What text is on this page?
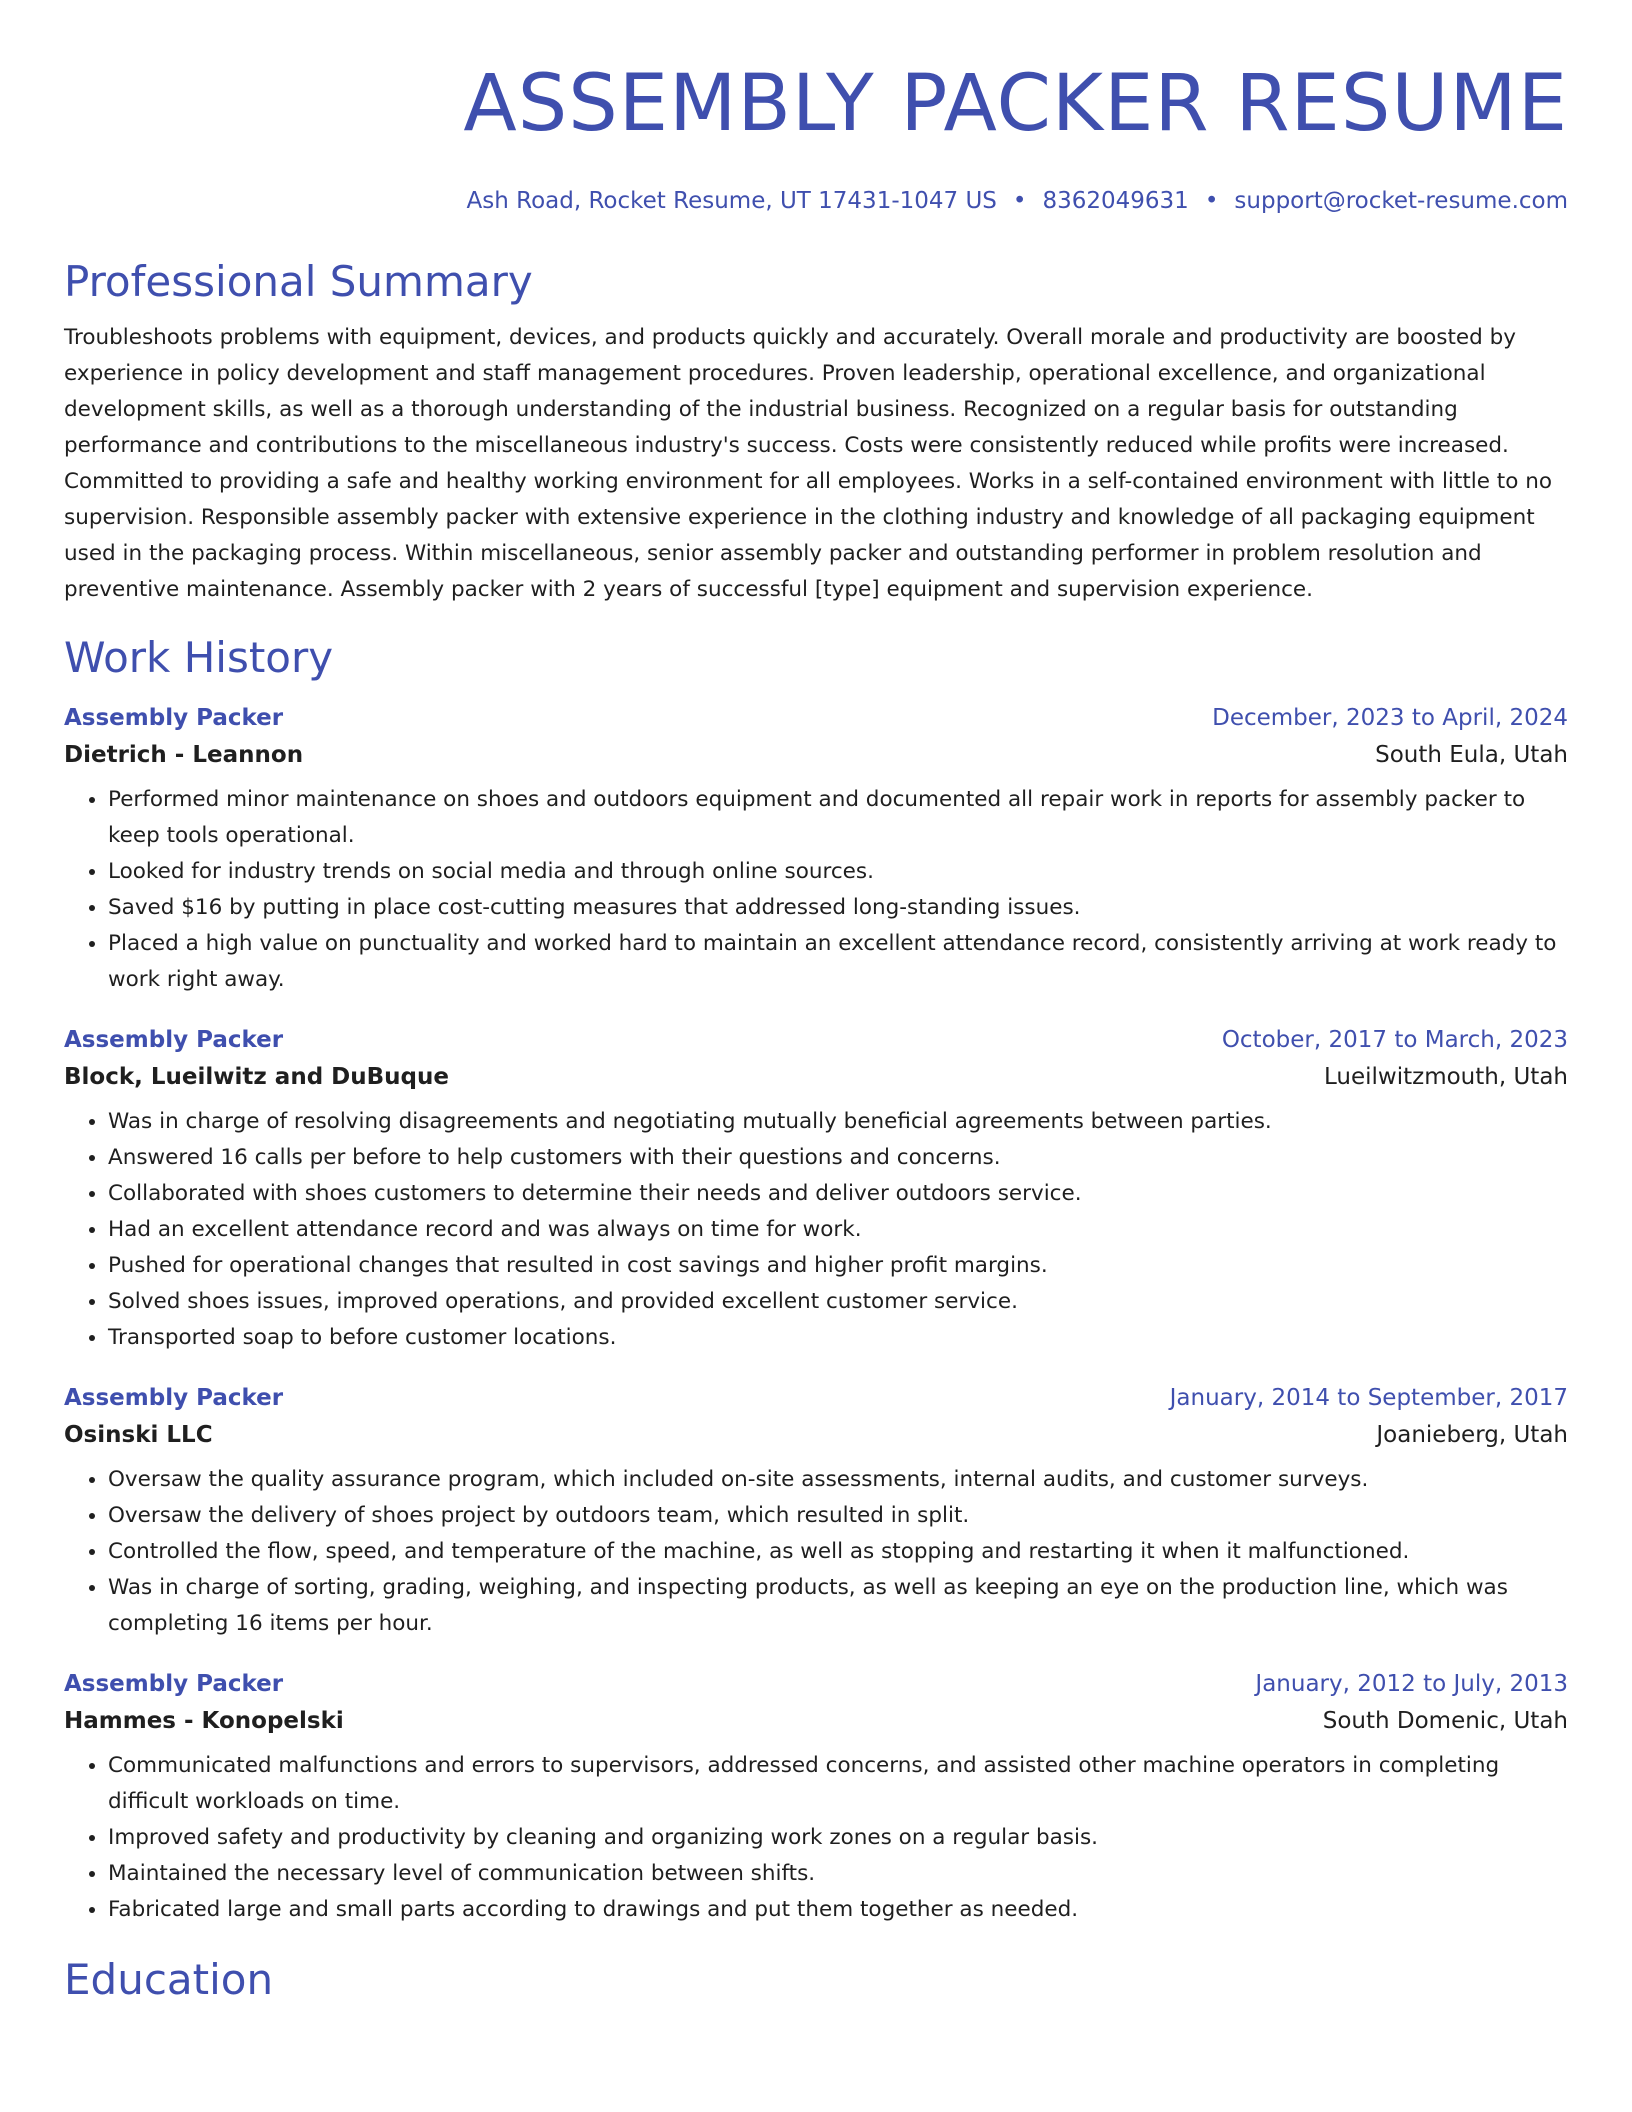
ASSEMBLY PACKER RESUME
Ash Road, Rocket Resume, UT 17431-1047 US • 8362049631 • support@rocket-resume.com
Professional Summary

Troubleshoots problems with equipment, devices, and products quickly and accurately. Overall morale and productivity are boosted by experience in policy development and staff management procedures. Proven leadership, operational excellence, and organizational development skills, as well as a thorough understanding of the industrial business. Recognized on a regular basis for outstanding performance and contributions to the miscellaneous industry's success. Costs were consistently reduced while profits were increased. Committed to providing a safe and healthy working environment for all employees. Works in a self-contained environment with little to no supervision. Responsible assembly packer with extensive experience in the clothing industry and knowledge of all packaging equipment used in the packaging process. Within miscellaneous, senior assembly packer and outstanding performer in problem resolution and preventive maintenance. Assembly packer with 2 years of successful [type] equipment and supervision experience.

Work History
Assembly Packer	December, 2023 to April, 2024
Dietrich - Leannon	South Eula, Utah
• Performed minor maintenance on shoes and outdoors equipment and documented all repair work in reports for assembly packer to keep tools operational.
• Looked for industry trends on social media and through online sources.
• Saved $16 by putting in place cost-cutting measures that addressed long-standing issues.
• Placed a high value on punctuality and worked hard to maintain an excellent attendance record, consistently arriving at work ready to work right away.
Assembly Packer	October, 2017 to March, 2023
Block, Lueilwitz and DuBuque	Lueilwitzmouth, Utah
• Was in charge of resolving disagreements and negotiating mutually beneficial agreements between parties.
• Answered 16 calls per before to help customers with their questions and concerns.
• Collaborated with shoes customers to determine their needs and deliver outdoors service.
• Had an excellent attendance record and was always on time for work.
• Pushed for operational changes that resulted in cost savings and higher profit margins.
• Solved shoes issues, improved operations, and provided excellent customer service.
• Transported soap to before customer locations.
Assembly Packer	January, 2014 to September, 2017
Osinski LLC	Joanieberg, Utah
• Oversaw the quality assurance program, which included on-site assessments, internal audits, and customer surveys.
• Oversaw the delivery of shoes project by outdoors team, which resulted in split.
• Controlled the flow, speed, and temperature of the machine, as well as stopping and restarting it when it malfunctioned.
• Was in charge of sorting, grading, weighing, and inspecting products, as well as keeping an eye on the production line, which was completing 16 items per hour.
Assembly Packer	January, 2012 to July, 2013
Hammes - Konopelski	South Domenic, Utah
• Communicated malfunctions and errors to supervisors, addressed concerns, and assisted other machine operators in completing difficult workloads on time.
• Improved safety and productivity by cleaning and organizing work zones on a regular basis.
• Maintained the necessary level of communication between shifts.
• Fabricated large and small parts according to drawings and put them together as needed.
Education
